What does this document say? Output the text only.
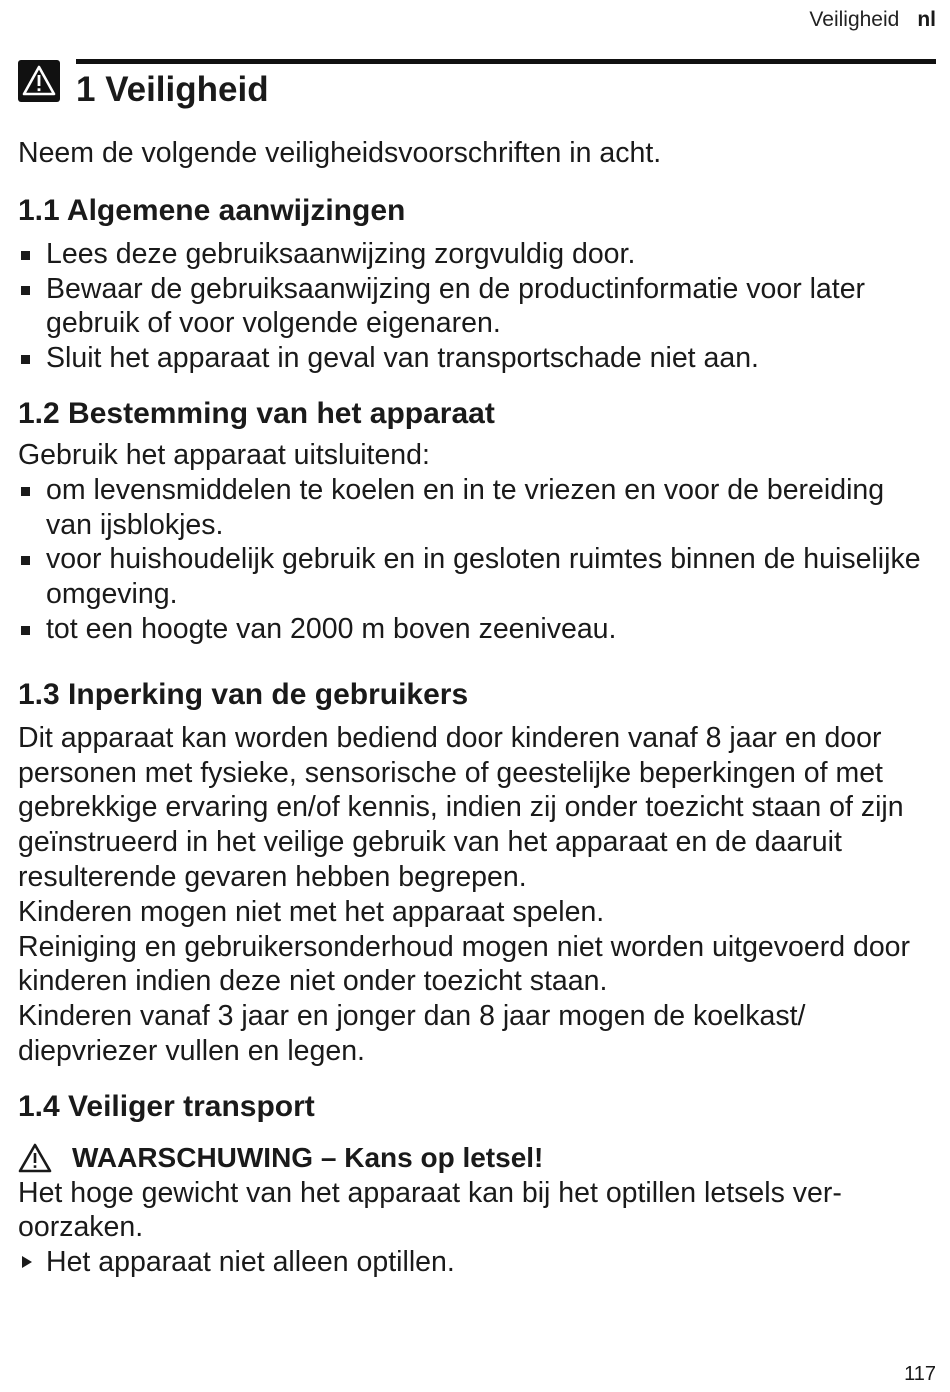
Veiligheid nl
1 Veiligheid

Neem de volgende veiligheidsvoorschriften in acht.

1.1 Algemene aanwijzingen
Lees deze gebruiksaanwijzing zorgvuldig door.
Bewaar de gebruiksaanwijzing en de productinformatie voor later gebruik of voor volgende eigenaren.
Sluit het apparaat in geval van transportschade niet aan.
1.2 Bestemming van het apparaat

Gebruik het apparaat uitsluitend:

om levensmiddelen te koelen en in te vriezen en voor de bereiding van ijsblokjes.
voor huishoudelijk gebruik en in gesloten ruimtes binnen de huiselijke omgeving.
tot een hoogte van 2000 m boven zeeniveau.
1.3 Inperking van de gebruikers

Dit apparaat kan worden bediend door kinderen vanaf 8 jaar en door personen met fysieke, sensorische of geestelijke beperkingen of met gebrekkige ervaring en/of kennis, indien zij onder toezicht staan of zijn geïnstrueerd in het veilige gebruik van het apparaat en de daaruit resulterende gevaren hebben begrepen.

Kinderen mogen niet met het apparaat spelen.

Reiniging en gebruikersonderhoud mogen niet worden uitgevoerd door kinderen indien deze niet onder toezicht staan.

Kinderen vanaf 3 jaar en jonger dan 8 jaar mogen de koelkast/ diepvriezer vullen en legen.

1.4 Veiliger transport
WAARSCHUWING – Kans op letsel!

Het hoge gewicht van het apparaat kan bij het optillen letsels veroorzaken.

Het apparaat niet alleen optillen.
117
